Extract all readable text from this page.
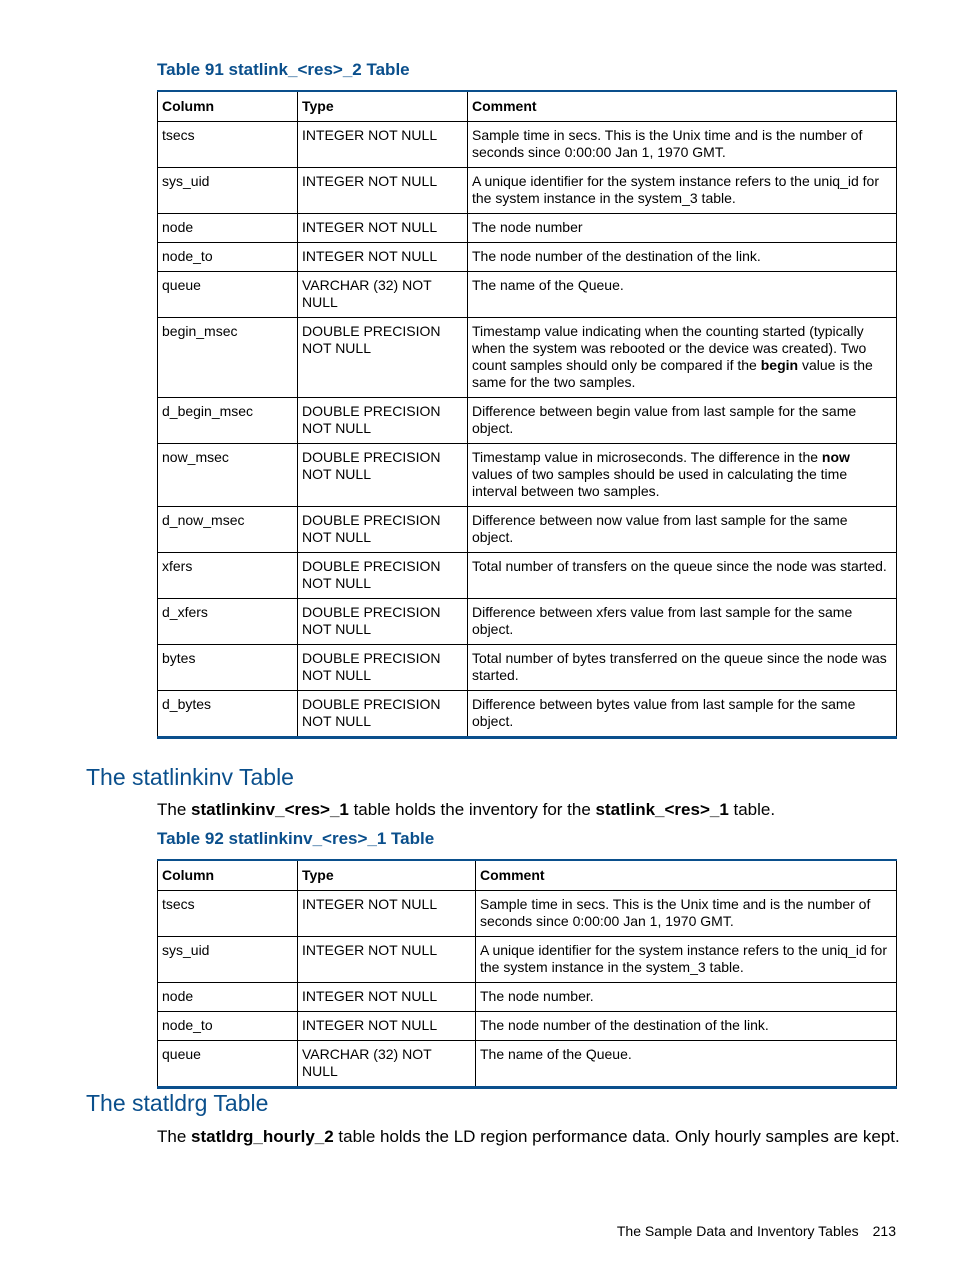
Table 91 statlink_<res>_2 Table
Column	Type	Comment
tsecs	INTEGER NOT NULL	Sample time in secs. This is the Unix time and is the number of seconds since 0:00:00 Jan 1, 1970 GMT.
sys_uid	INTEGER NOT NULL	A unique identifier for the system instance refers to the uniq_id for the system instance in the system_3 table.
node	INTEGER NOT NULL	The node number
node_to	INTEGER NOT NULL	The node number of the destination of the link.
queue	VARCHAR (32) NOT NULL	The name of the Queue.
begin_msec	DOUBLE PRECISION NOT NULL	Timestamp value indicating when the counting started (typically when the system was rebooted or the device was created). Two count samples should only be compared if the begin value is the same for the two samples.
d_begin_msec	DOUBLE PRECISION NOT NULL	Difference between begin value from last sample for the same object.
now_msec	DOUBLE PRECISION NOT NULL	Timestamp value in microseconds. The difference in the now values of two samples should be used in calculating the time interval between two samples.
d_now_msec	DOUBLE PRECISION NOT NULL	Difference between now value from last sample for the same object.
xfers	DOUBLE PRECISION NOT NULL	Total number of transfers on the queue since the node was started.
d_xfers	DOUBLE PRECISION NOT NULL	Difference between xfers value from last sample for the same object.
bytes	DOUBLE PRECISION NOT NULL	Total number of bytes transferred on the queue since the node was started.
d_bytes	DOUBLE PRECISION NOT NULL	Difference between bytes value from last sample for the same object.
The statlinkinv Table

The statlinkinv_<res>_1 table holds the inventory for the statlink_<res>_1 table.

Table 92 statlinkinv_<res>_1 Table
Column	Type	Comment
tsecs	INTEGER NOT NULL	Sample time in secs. This is the Unix time and is the number of seconds since 0:00:00 Jan 1, 1970 GMT.
sys_uid	INTEGER NOT NULL	A unique identifier for the system instance refers to the uniq_id for the system instance in the system_3 table.
node	INTEGER NOT NULL	The node number.
node_to	INTEGER NOT NULL	The node number of the destination of the link.
queue	VARCHAR (32) NOT NULL	The name of the Queue.
The statldrg Table

The statldrg_hourly_2 table holds the LD region performance data. Only hourly samples are kept.

The Sample Data and Inventory Tables 213
